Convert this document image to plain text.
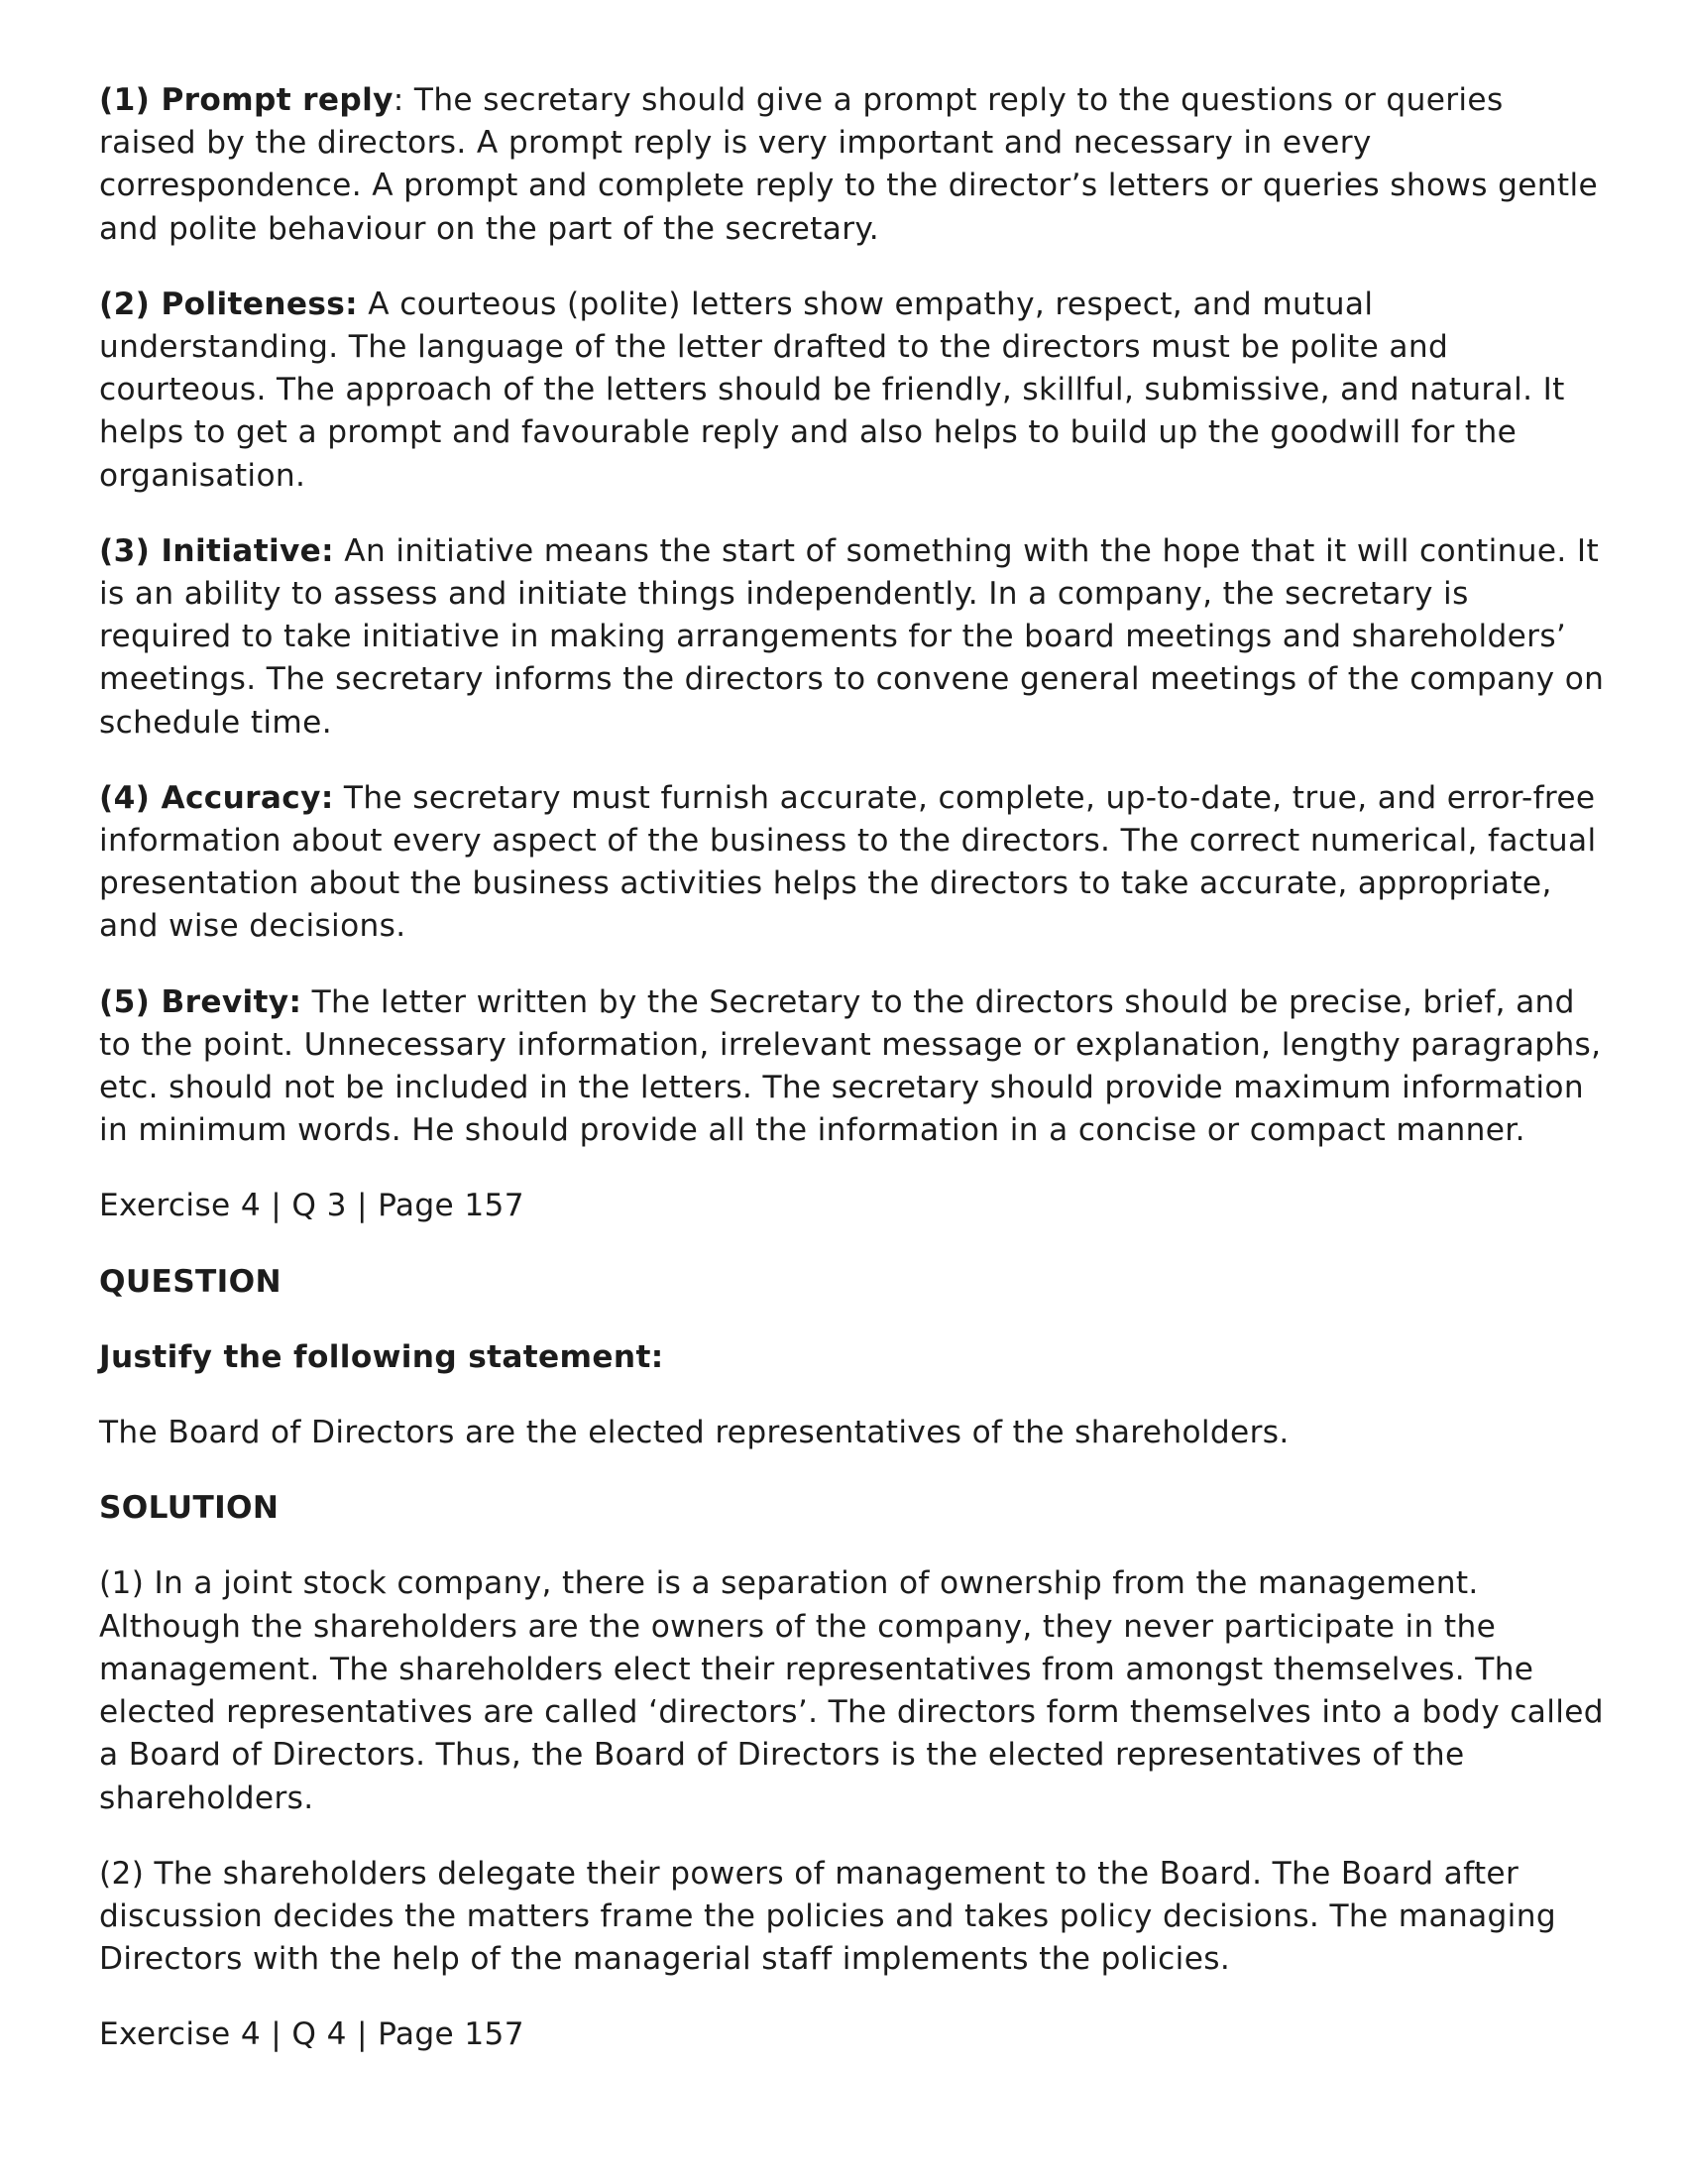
(1) Prompt reply: The secretary should give a prompt reply to the questions or queries raised by the directors. A prompt reply is very important and necessary in every correspondence. A prompt and complete reply to the director’s letters or queries shows gentle and polite behaviour on the part of the secretary.

(2) Politeness: A courteous (polite) letters show empathy, respect, and mutual understanding. The language of the letter drafted to the directors must be polite and courteous. The approach of the letters should be friendly, skillful, submissive, and natural. It helps to get a prompt and favourable reply and also helps to build up the goodwill for the organisation.

(3) Initiative: An initiative means the start of something with the hope that it will continue. It is an ability to assess and initiate things independently. In a company, the secretary is required to take initiative in making arrangements for the board meetings and shareholders’ meetings. The secretary informs the directors to convene general meetings of the company on schedule time.

(4) Accuracy: The secretary must furnish accurate, complete, up-to-date, true, and error-free information about every aspect of the business to the directors. The correct numerical, factual presentation about the business activities helps the directors to take accurate, appropriate, and wise decisions.

(5) Brevity: The letter written by the Secretary to the directors should be precise, brief, and to the point. Unnecessary information, irrelevant message or explanation, lengthy paragraphs, etc. should not be included in the letters. The secretary should provide maximum information in minimum words. He should provide all the information in a concise or compact manner.

Exercise 4 | Q 3 | Page 157

QUESTION

Justify the following statement:

The Board of Directors are the elected representatives of the shareholders.

SOLUTION

(1) In a joint stock company, there is a separation of ownership from the management. Although the shareholders are the owners of the company, they never participate in the management. The shareholders elect their representatives from amongst themselves. The elected representatives are called ‘directors’. The directors form themselves into a body called a Board of Directors. Thus, the Board of Directors is the elected representatives of the shareholders.

(2) The shareholders delegate their powers of management to the Board. The Board after discussion decides the matters frame the policies and takes policy decisions. The managing Directors with the help of the managerial staff implements the policies.

Exercise 4 | Q 4 | Page 157
